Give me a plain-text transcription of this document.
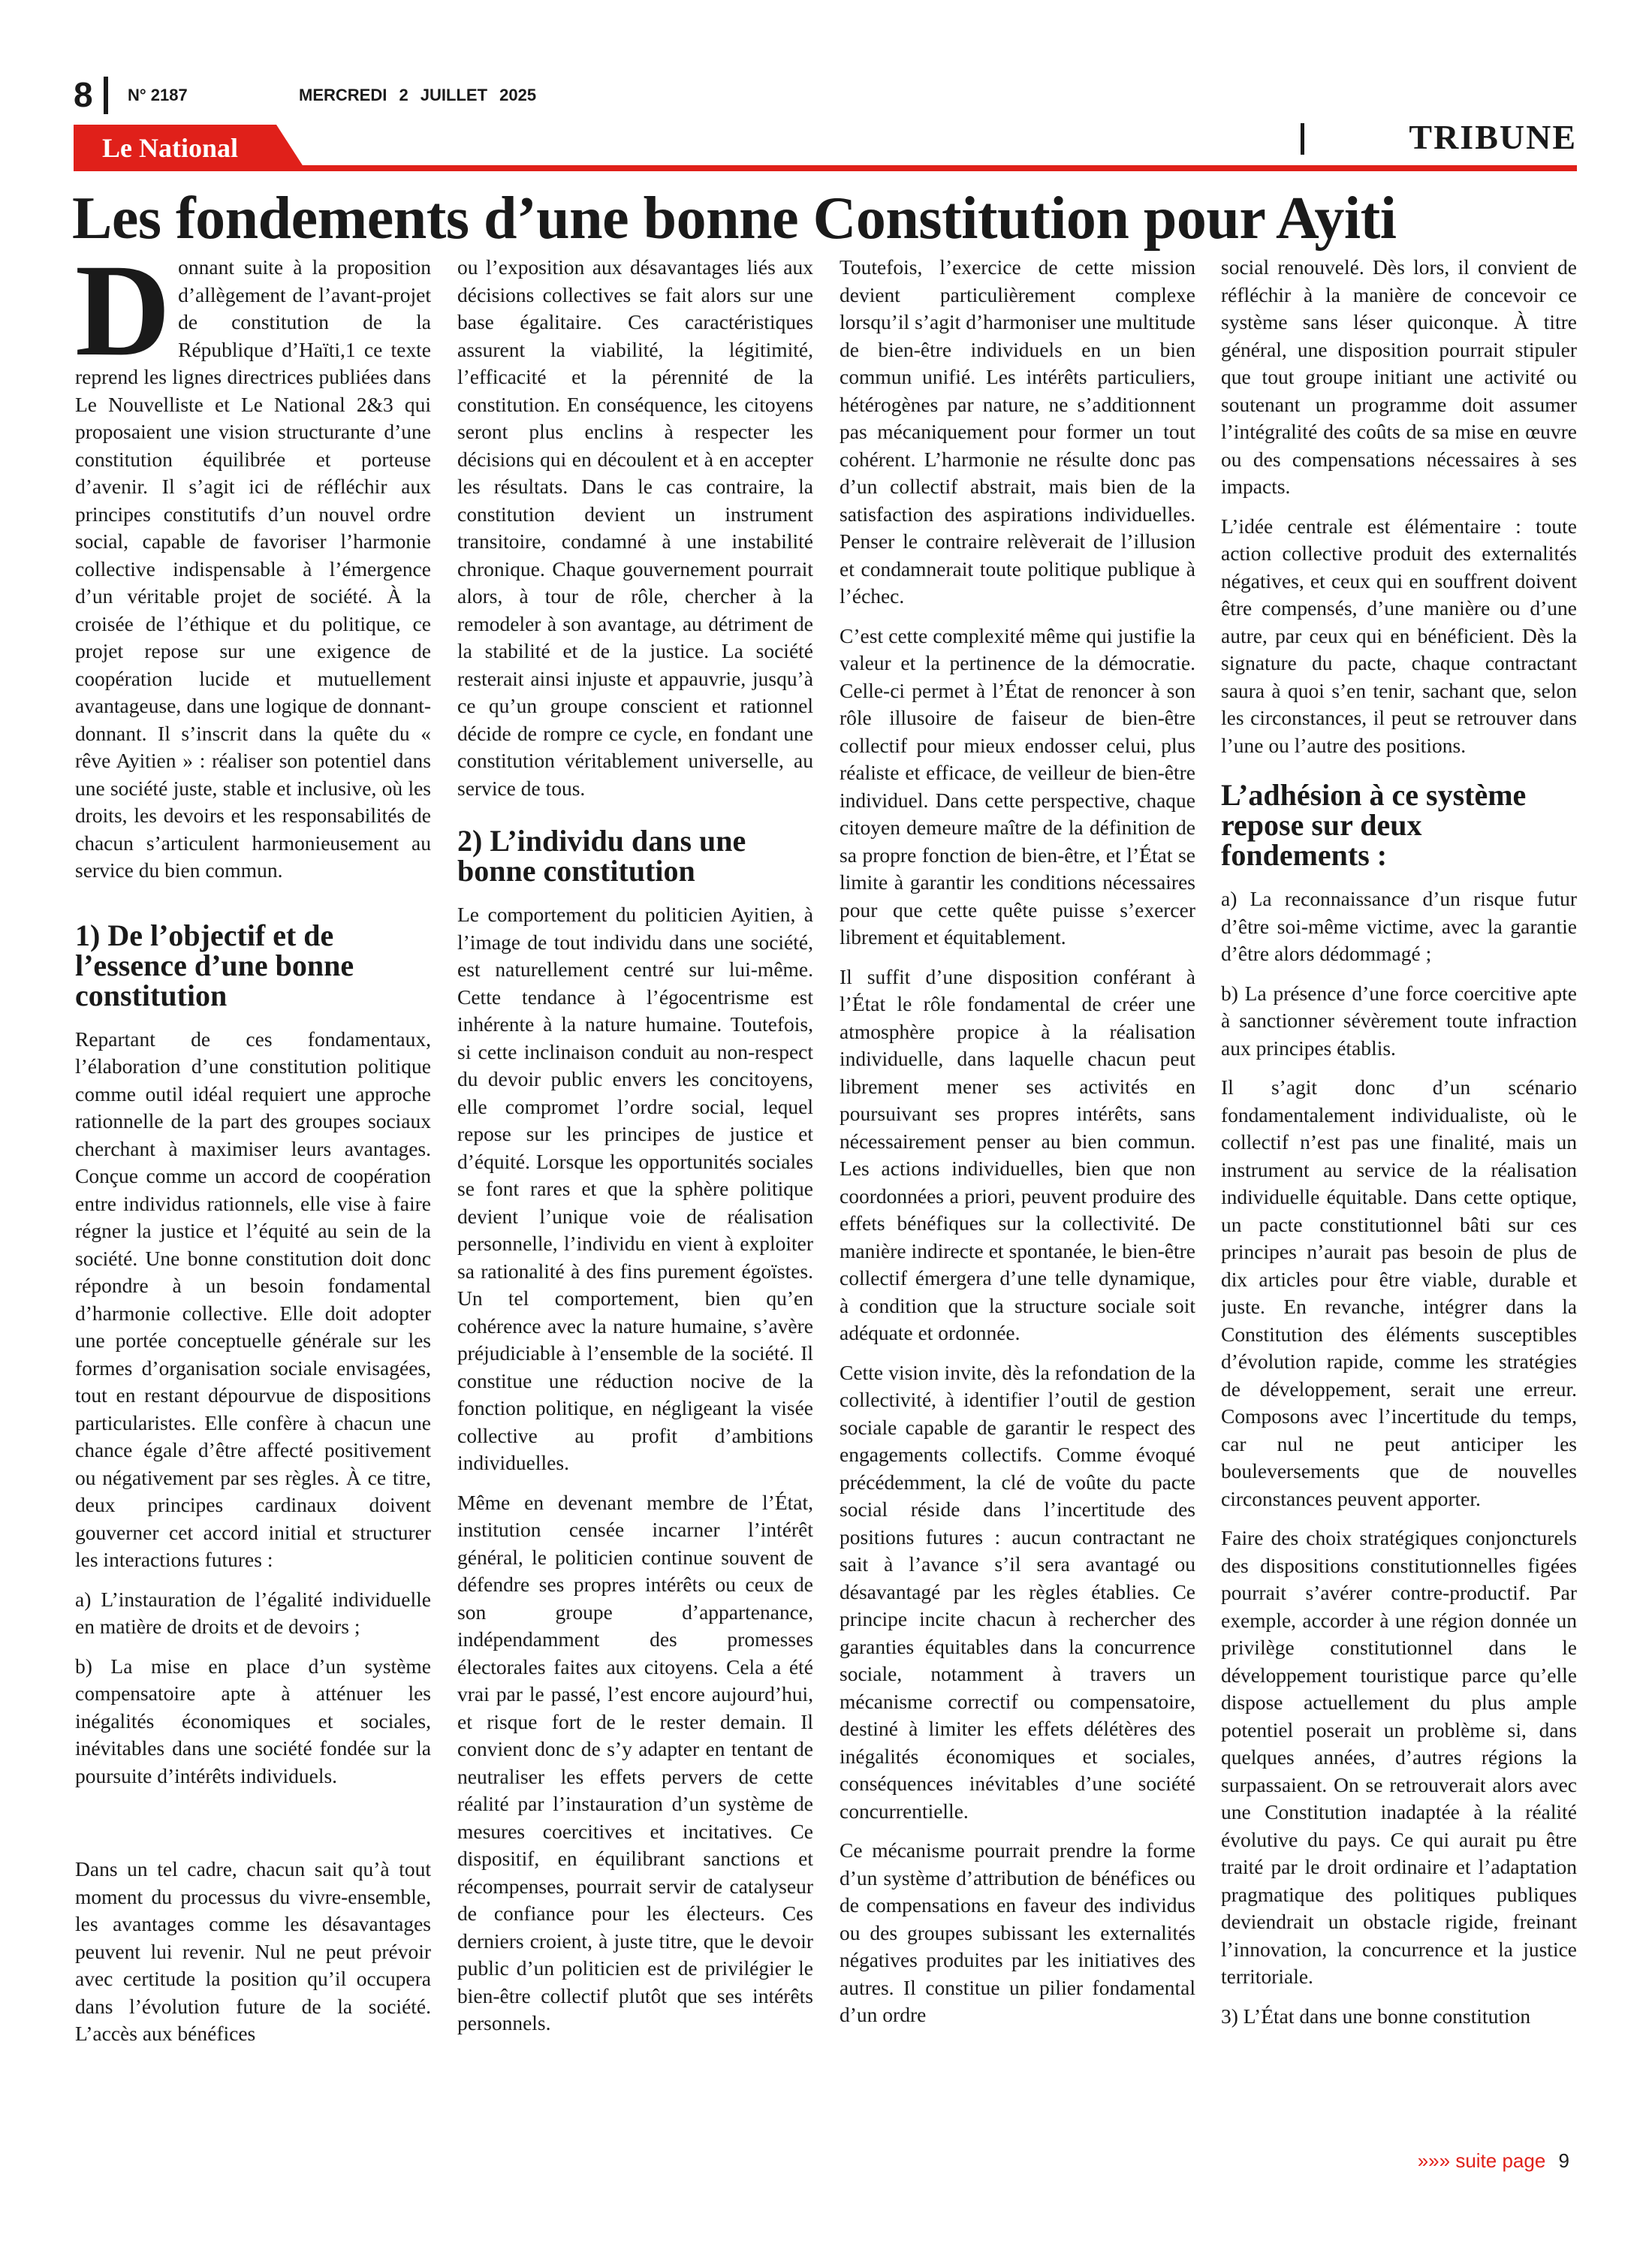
8 N° 2187	MERCREDI 2 JUILLET 2025
Le National	TRIBUNE
Les fondements d’une bonne Constitution pour Ayiti

Donnant suite à la proposition d’allègement de l’avant-projet de constitution de la République d’Haïti,1 ce texte reprend les lignes directrices publiées dans Le Nouvelliste et Le National 2&3 qui proposaient une vision structurante d’une constitution équilibrée et porteuse d’avenir. Il s’agit ici de réfléchir aux principes constitutifs d’un nouvel ordre social, capable de favoriser l’harmonie collective indispensable à l’émergence d’un véritable projet de société. À la croisée de l’éthique et du politique, ce projet repose sur une exigence de coopération lucide et mutuellement avantageuse, dans une logique de donnant-donnant. Il s’inscrit dans la quête du « rêve Ayitien » : réaliser son potentiel dans une société juste, stable et inclusive, où les droits, les devoirs et les responsabilités de chacun s’articulent harmonieusement au service du bien commun.

1) De l’objectif et de l’essence d’une bonne constitution

Repartant de ces fondamentaux, l’élaboration d’une constitution politique comme outil idéal requiert une approche rationnelle de la part des groupes sociaux cherchant à maximiser leurs avantages. Conçue comme un accord de coopération entre individus rationnels, elle vise à faire régner la justice et l’équité au sein de la société. Une bonne constitution doit donc répondre à un besoin fondamental d’harmonie collective. Elle doit adopter une portée conceptuelle générale sur les formes d’organisation sociale envisagées, tout en restant dépourvue de dispositions particularistes. Elle confère à chacun une chance égale d’être affecté positivement ou négativement par ses règles. À ce titre, deux principes cardinaux doivent gouverner cet accord initial et structurer les interactions futures :

a) L’instauration de l’égalité individuelle en matière de droits et de devoirs ;

b) La mise en place d’un système compensatoire apte à atténuer les inégalités économiques et sociales, inévitables dans une société fondée sur la poursuite d’intérêts individuels.

Dans un tel cadre, chacun sait qu’à tout moment du processus du vivre-ensemble, les avantages comme les désavantages peuvent lui revenir. Nul ne peut prévoir avec certitude la position qu’il occupera dans l’évolution future de la société. L’accès aux bénéfices

ou l’exposition aux désavantages liés aux décisions collectives se fait alors sur une base égalitaire. Ces caractéristiques assurent la viabilité, la légitimité, l’efficacité et la pérennité de la constitution. En conséquence, les citoyens seront plus enclins à respecter les décisions qui en découlent et à en accepter les résultats. Dans le cas contraire, la constitution devient un instrument transitoire, condamné à une instabilité chronique. Chaque gouvernement pourrait alors, à tour de rôle, chercher à la remodeler à son avantage, au détriment de la stabilité et de la justice. La société resterait ainsi injuste et appauvrie, jusqu’à ce qu’un groupe conscient et rationnel décide de rompre ce cycle, en fondant une constitution véritablement universelle, au service de tous.

2) L’individu dans une bonne constitution

Le comportement du politicien Ayitien, à l’image de tout individu dans une société, est naturellement centré sur lui-même. Cette tendance à l’égocentrisme est inhérente à la nature humaine. Toutefois, si cette inclinaison conduit au non-respect du devoir public envers les concitoyens, elle compromet l’ordre social, lequel repose sur les principes de justice et d’équité. Lorsque les opportunités sociales se font rares et que la sphère politique devient l’unique voie de réalisation personnelle, l’individu en vient à exploiter sa rationalité à des fins purement égoïstes. Un tel comportement, bien qu’en cohérence avec la nature humaine, s’avère préjudiciable à l’ensemble de la société. Il constitue une réduction nocive de la fonction politique, en négligeant la visée collective au profit d’ambitions individuelles.

Même en devenant membre de l’État, institution censée incarner l’intérêt général, le politicien continue souvent de défendre ses propres intérêts ou ceux de son groupe d’appartenance, indépendamment des promesses électorales faites aux citoyens. Cela a été vrai par le passé, l’est encore aujourd’hui, et risque fort de le rester demain. Il convient donc de s’y adapter en tentant de neutraliser les effets pervers de cette réalité par l’instauration d’un système de mesures coercitives et incitatives. Ce dispositif, en équilibrant sanctions et récompenses, pourrait servir de catalyseur de confiance pour les électeurs. Ces derniers croient, à juste titre, que le devoir public d’un politicien est de privilégier le bien-être collectif plutôt que ses intérêts personnels.

Toutefois, l’exercice de cette mission devient particulièrement complexe lorsqu’il s’agit d’harmoniser une multitude de bien-être individuels en un bien commun unifié. Les intérêts particuliers, hétérogènes par nature, ne s’additionnent pas mécaniquement pour former un tout cohérent. L’harmonie ne résulte donc pas d’un collectif abstrait, mais bien de la satisfaction des aspirations individuelles. Penser le contraire relèverait de l’illusion et condamnerait toute politique publique à l’échec.

C’est cette complexité même qui justifie la valeur et la pertinence de la démocratie. Celle-ci permet à l’État de renoncer à son rôle illusoire de faiseur de bien-être collectif pour mieux endosser celui, plus réaliste et efficace, de veilleur de bien-être individuel. Dans cette perspective, chaque citoyen demeure maître de la définition de sa propre fonction de bien-être, et l’État se limite à garantir les conditions nécessaires pour que cette quête puisse s’exercer librement et équitablement.

Il suffit d’une disposition conférant à l’État le rôle fondamental de créer une atmosphère propice à la réalisation individuelle, dans laquelle chacun peut librement mener ses activités en poursuivant ses propres intérêts, sans nécessairement penser au bien commun. Les actions individuelles, bien que non coordonnées a priori, peuvent produire des effets bénéfiques sur la collectivité. De manière indirecte et spontanée, le bien-être collectif émergera d’une telle dynamique, à condition que la structure sociale soit adéquate et ordonnée.

Cette vision invite, dès la refondation de la collectivité, à identifier l’outil de gestion sociale capable de garantir le respect des engagements collectifs. Comme évoqué précédemment, la clé de voûte du pacte social réside dans l’incertitude des positions futures : aucun contractant ne sait à l’avance s’il sera avantagé ou désavantagé par les règles établies. Ce principe incite chacun à rechercher des garanties équitables dans la concurrence sociale, notamment à travers un mécanisme correctif ou compensatoire, destiné à limiter les effets délétères des inégalités économiques et sociales, conséquences inévitables d’une société concurrentielle.

Ce mécanisme pourrait prendre la forme d’un système d’attribution de bénéfices ou de compensations en faveur des individus ou des groupes subissant les externalités négatives produites par les initiatives des autres. Il constitue un pilier fondamental d’un ordre

social renouvelé. Dès lors, il convient de réfléchir à la manière de concevoir ce système sans léser quiconque. À titre général, une disposition pourrait stipuler que tout groupe initiant une activité ou soutenant un programme doit assumer l’intégralité des coûts de sa mise en œuvre ou des compensations nécessaires à ses impacts.

L’idée centrale est élémentaire : toute action collective produit des externalités négatives, et ceux qui en souffrent doivent être compensés, d’une manière ou d’une autre, par ceux qui en bénéficient. Dès la signature du pacte, chaque contractant saura à quoi s’en tenir, sachant que, selon les circonstances, il peut se retrouver dans l’une ou l’autre des positions.

L’adhésion à ce système repose sur deux fondements :

a) La reconnaissance d’un risque futur d’être soi-même victime, avec la garantie d’être alors dédommagé ;

b) La présence d’une force coercitive apte à sanctionner sévèrement toute infraction aux principes établis.

Il s’agit donc d’un scénario fondamentalement individualiste, où le collectif n’est pas une finalité, mais un instrument au service de la réalisation individuelle équitable. Dans cette optique, un pacte constitutionnel bâti sur ces principes n’aurait pas besoin de plus de dix articles pour être viable, durable et juste. En revanche, intégrer dans la Constitution des éléments susceptibles d’évolution rapide, comme les stratégies de développement, serait une erreur. Composons avec l’incertitude du temps, car nul ne peut anticiper les bouleversements que de nouvelles circonstances peuvent apporter.

Faire des choix stratégiques conjoncturels des dispositions constitutionnelles figées pourrait s’avérer contre-productif. Par exemple, accorder à une région donnée un privilège constitutionnel dans le développement touristique parce qu’elle dispose actuellement du plus ample potentiel poserait un problème si, dans quelques années, d’autres régions la surpassaient. On se retrouverait alors avec une Constitution inadaptée à la réalité évolutive du pays. Ce qui aurait pu être traité par le droit ordinaire et l’adaptation pragmatique des politiques publiques deviendrait un obstacle rigide, freinant l’innovation, la concurrence et la justice territoriale.

3) L’État dans une bonne constitution

»»» suite page 9
